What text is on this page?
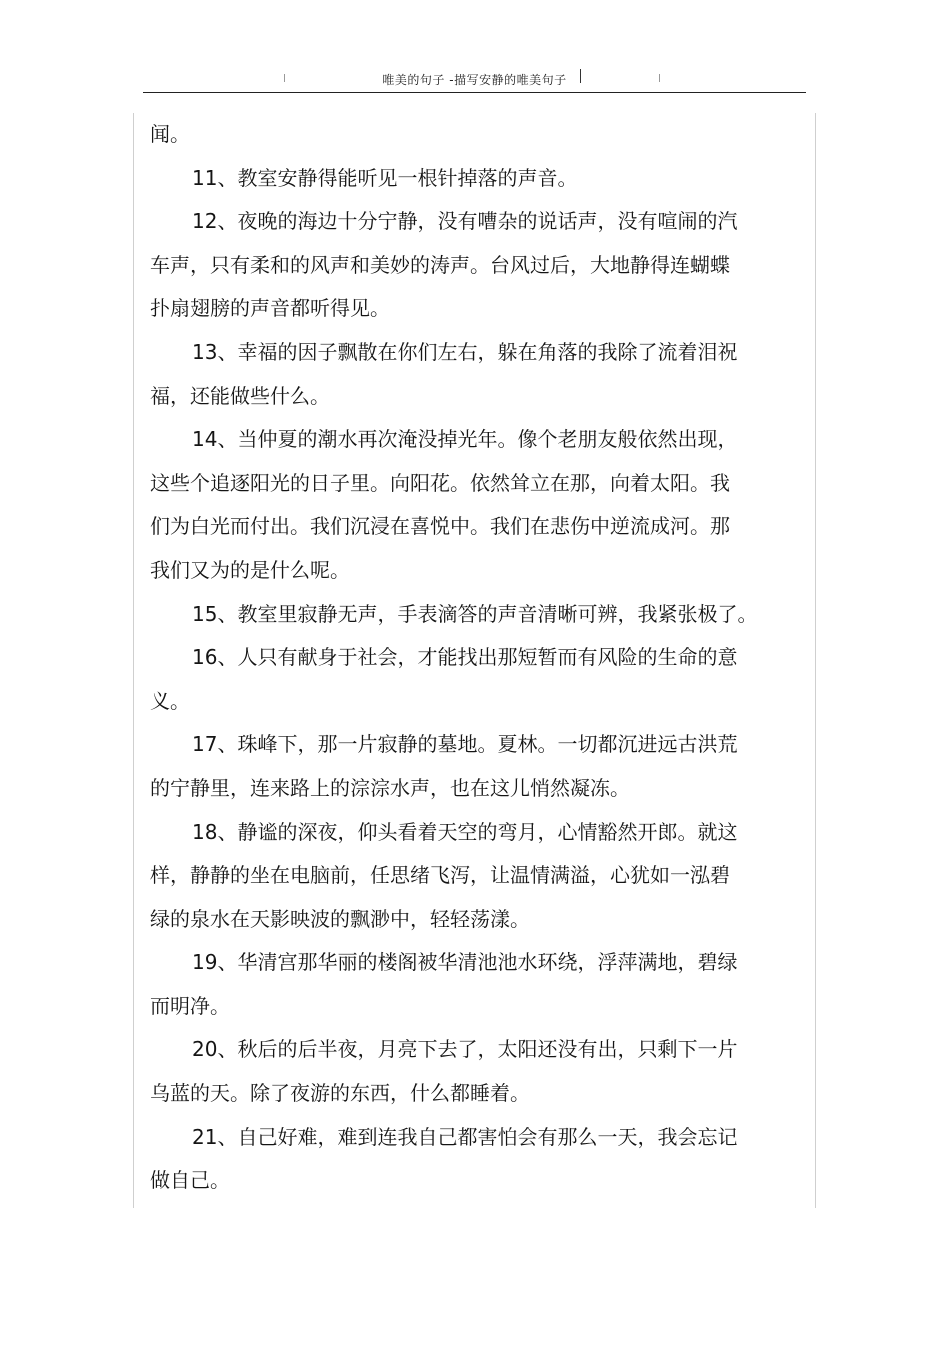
唯美的句子 -描写安静的唯美句子
闻。
11、教室安静得能听见一根针掉落的声音。
12、夜晚的海边十分宁静，没有嘈杂的说话声，没有喧闹的汽
车声，只有柔和的风声和美妙的涛声。台风过后，大地静得连蝴蝶
扑扇翅膀的声音都听得见。
13、幸福的因子飘散在你们左右，躲在角落的我除了流着泪祝
福，还能做些什么。
14、当仲夏的潮水再次淹没掉光年。像个老朋友般依然出现，
这些个追逐阳光的日子里。向阳花。依然耸立在那，向着太阳。我
们为白光而付出。我们沉浸在喜悦中。我们在悲伤中逆流成河。那
我们又为的是什么呢。
15、教室里寂静无声，手表滴答的声音清晰可辨，我紧张极了。
16、人只有献身于社会，才能找出那短暂而有风险的生命的意
义。
17、珠峰下，那一片寂静的墓地。夏林。一切都沉进远古洪荒
的宁静里，连来路上的淙淙水声，也在这儿悄然凝冻。
18、静谧的深夜，仰头看着天空的弯月，心情豁然开郎。就这
样，静静的坐在电脑前，任思绪飞泻，让温情满溢，心犹如一泓碧
绿的泉水在天影映波的飘渺中，轻轻荡漾。
19、华清宫那华丽的楼阁被华清池池水环绕，浮萍满地，碧绿
而明净。
20、秋后的后半夜，月亮下去了，太阳还没有出，只剩下一片
乌蓝的天。除了夜游的东西，什么都睡着。
21、自己好难，难到连我自己都害怕会有那么一天，我会忘记
做自己。
